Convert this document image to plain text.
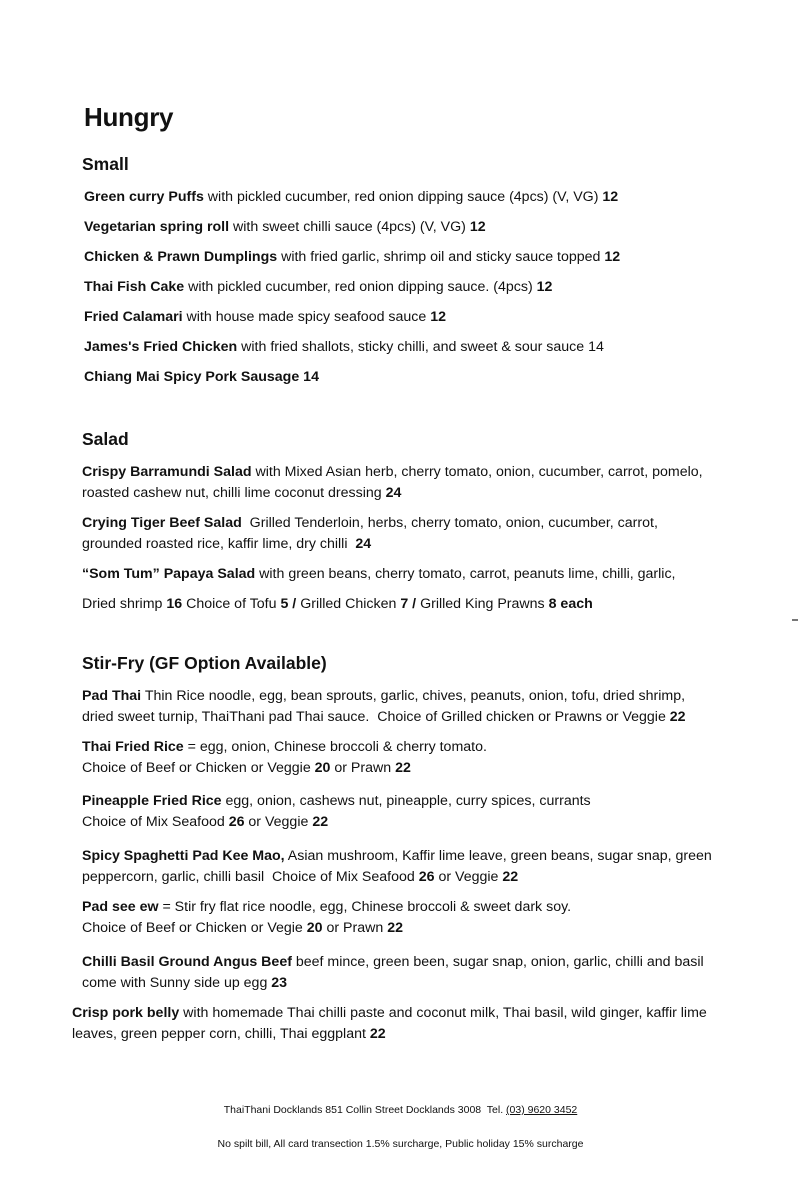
Hungry
Small
Green curry Puffs with pickled cucumber, red onion dipping sauce (4pcs) (V, VG) 12
Vegetarian spring roll with sweet chilli sauce (4pcs) (V, VG) 12
Chicken & Prawn Dumplings with fried garlic, shrimp oil and sticky sauce topped 12
Thai Fish Cake with pickled cucumber, red onion dipping sauce. (4pcs) 12
Fried Calamari with house made spicy seafood sauce 12
James's Fried Chicken with fried shallots, sticky chilli, and sweet & sour sauce 14
Chiang Mai Spicy Pork Sausage 14
Salad
Crispy Barramundi Salad with Mixed Asian herb, cherry tomato, onion, cucumber, carrot, pomelo,
roasted cashew nut, chilli lime coconut dressing 24
Crying Tiger Beef Salad  Grilled Tenderloin, herbs, cherry tomato, onion, cucumber, carrot,
grounded roasted rice, kaffir lime, dry chilli  24
“Som Tum” Papaya Salad with green beans, cherry tomato, carrot, peanuts lime, chilli, garlic,
Dried shrimp 16 Choice of Tofu 5 / Grilled Chicken 7 / Grilled King Prawns 8 each
Stir-Fry (GF Option Available)
Pad Thai Thin Rice noodle, egg, bean sprouts, garlic, chives, peanuts, onion, tofu, dried shrimp,
dried sweet turnip, ThaiThani pad Thai sauce.  Choice of Grilled chicken or Prawns or Veggie 22
Thai Fried Rice = egg, onion, Chinese broccoli & cherry tomato.
Choice of Beef or Chicken or Veggie 20 or Prawn 22
Pineapple Fried Rice egg, onion, cashews nut, pineapple, curry spices, currants
Choice of Mix Seafood 26 or Veggie 22
Spicy Spaghetti Pad Kee Mao, Asian mushroom, Kaffir lime leave, green beans, sugar snap, green
peppercorn, garlic, chilli basil  Choice of Mix Seafood 26 or Veggie 22
Pad see ew = Stir fry flat rice noodle, egg, Chinese broccoli & sweet dark soy.
Choice of Beef or Chicken or Vegie 20 or Prawn 22
Chilli Basil Ground Angus Beef beef mince, green been, sugar snap, onion, garlic, chilli and basil
come with Sunny side up egg 23
Crisp pork belly with homemade Thai chilli paste and coconut milk, Thai basil, wild ginger, kaffir lime
leaves, green pepper corn, chilli, Thai eggplant 22
ThaiThani Docklands 851 Collin Street Docklands 3008  Tel. (03) 9620 3452
No spilt bill, All card transection 1.5% surcharge, Public holiday 15% surcharge
